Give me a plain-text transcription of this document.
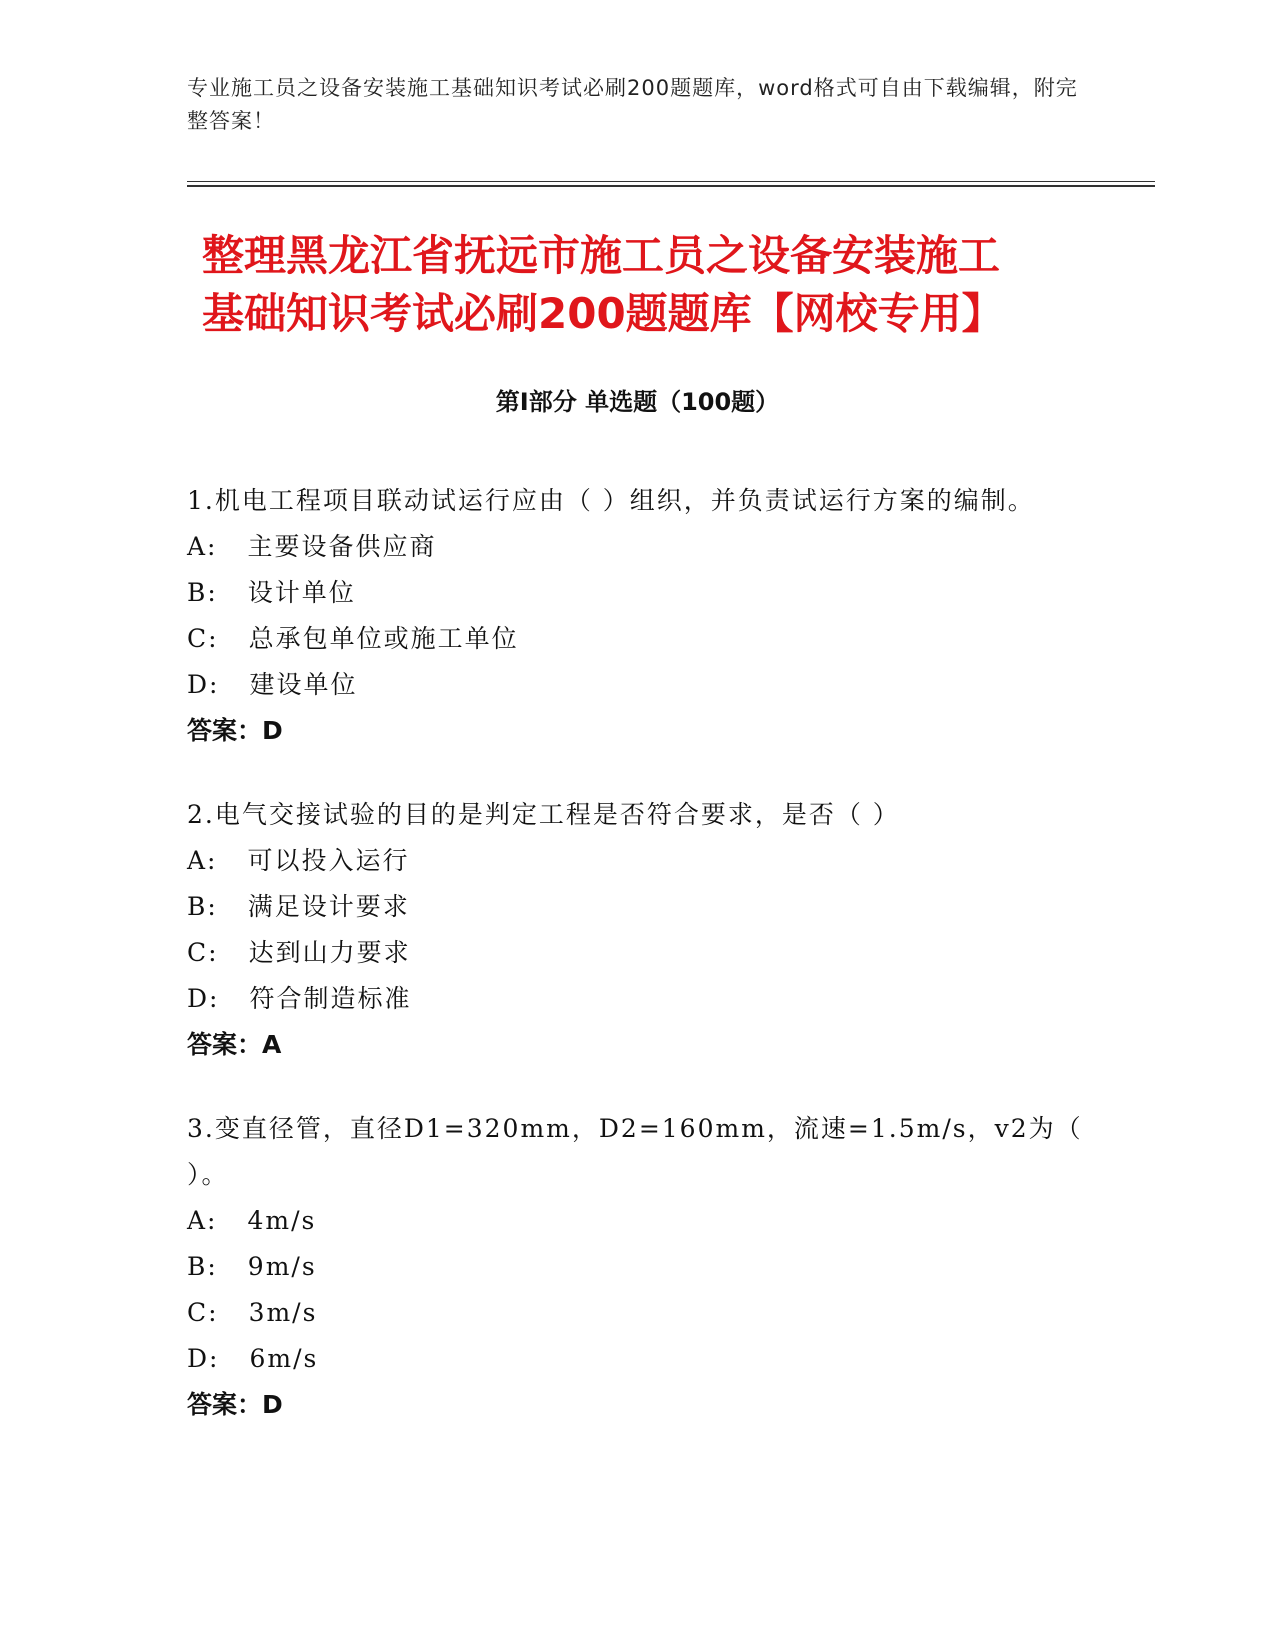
专业施工员之设备安装施工基础知识考试必刷200题题库，word格式可自由下载编辑，附完整答案！
整理黑龙江省抚远市施工员之设备安装施工
基础知识考试必刷200题题库【网校专用】
第Ⅰ部分 单选题（100题）
1.机电工程项目联动试运行应由（ ）组织，并负责试运行方案的编制。
A: 主要设备供应商
B: 设计单位
C: 总承包单位或施工单位
D: 建设单位
答案：D
2.电气交接试验的目的是判定工程是否符合要求，是否（ ）
A: 可以投入运行
B: 满足设计要求
C: 达到山力要求
D: 符合制造标准
答案：A
3.变直径管，直径D1=320mm，D2=160mm，流速=1.5m/s，v2为（ ）。
A: 4m/s
B: 9m/s
C: 3m/s
D: 6m/s
答案：D
